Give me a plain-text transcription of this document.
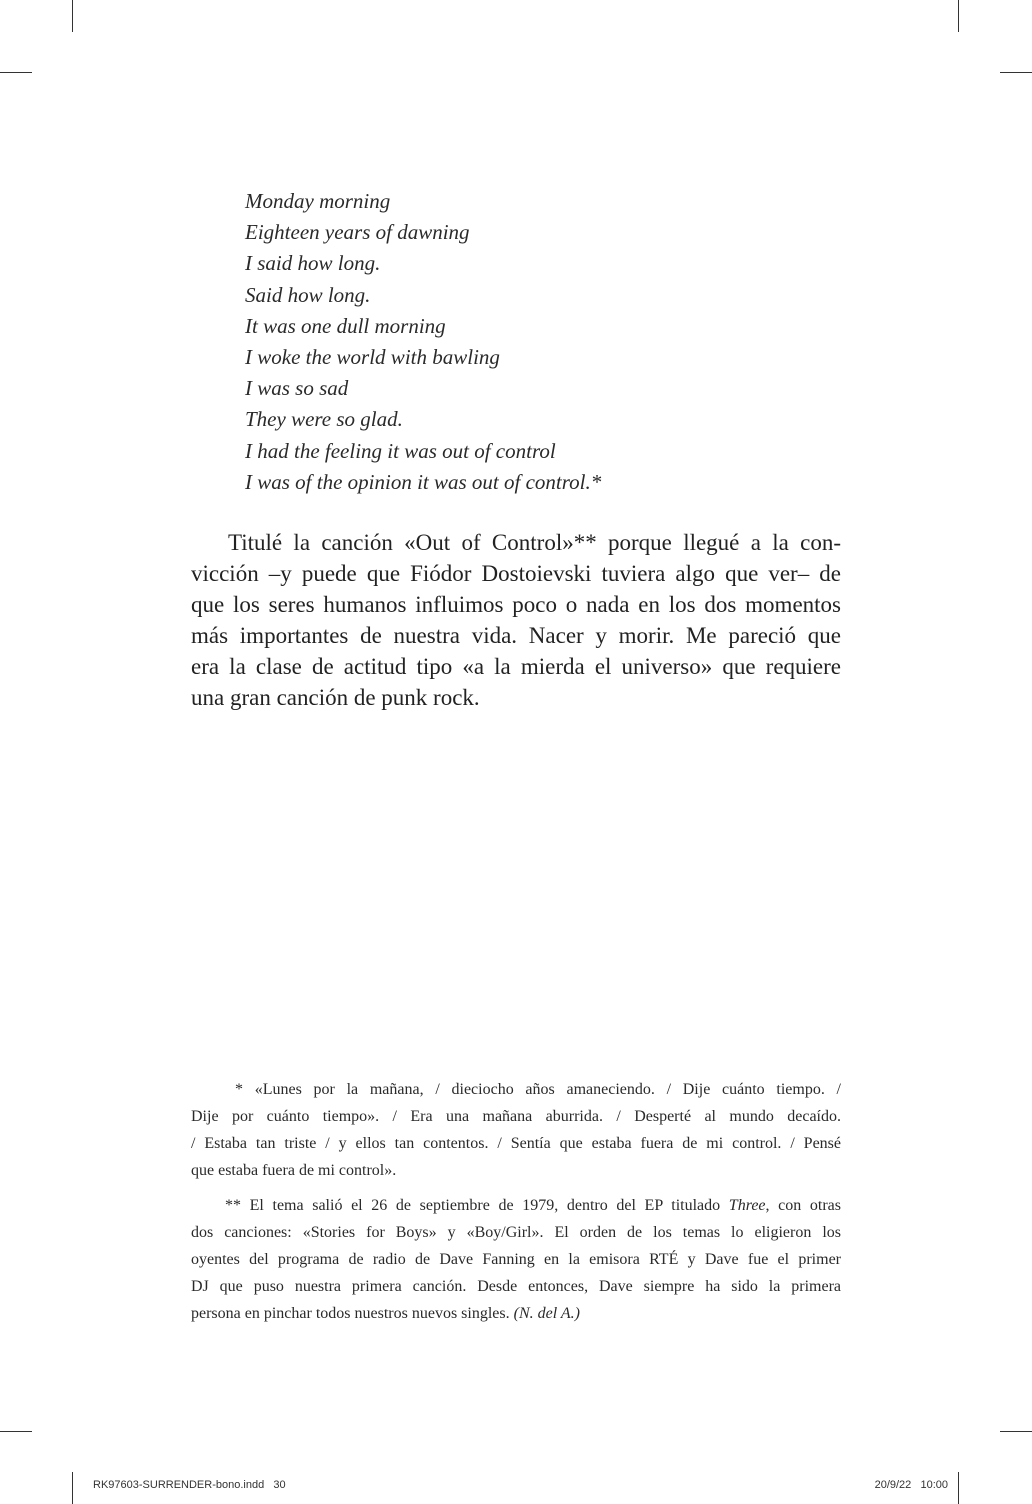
Monday morning
Eighteen years of dawning
I said how long.
Said how long.
It was one dull morning
I woke the world with bawling
I was so sad
They were so glad.
I had the feeling it was out of control
I was of the opinion it was out of control.*
Titulé la canción «Out of Control»** porque llegué a la con-
vicción –y puede que Fiódor Dostoievski tuviera algo que ver– de
que los seres humanos influimos poco o nada en los dos momentos
más importantes de nuestra vida. Nacer y morir. Me pareció que
era la clase de actitud tipo «a la mierda el universo» que requiere
una gran canción de punk rock.
* «Lunes por la mañana, / dieciocho años amaneciendo. / Dije cuánto tiempo. /
Dije por cuánto tiempo». / Era una mañana aburrida. / Desperté al mundo decaído.
/ Estaba tan triste / y ellos tan contentos. / Sentía que estaba fuera de mi control. / Pensé
que estaba fuera de mi control».
** El tema salió el 26 de septiembre de 1979, dentro del EP titulado Three, con otras
dos canciones: «Stories for Boys» y «Boy/Girl». El orden de los temas lo eligieron los
oyentes del programa de radio de Dave Fanning en la emisora RTÉ y Dave fue el primer
DJ que puso nuestra primera canción. Desde entonces, Dave siempre ha sido la primera
persona en pinchar todos nuestros nuevos singles. (N. del A.)
RK97603-SURRENDER-bono.indd   30	20/9/22   10:00
